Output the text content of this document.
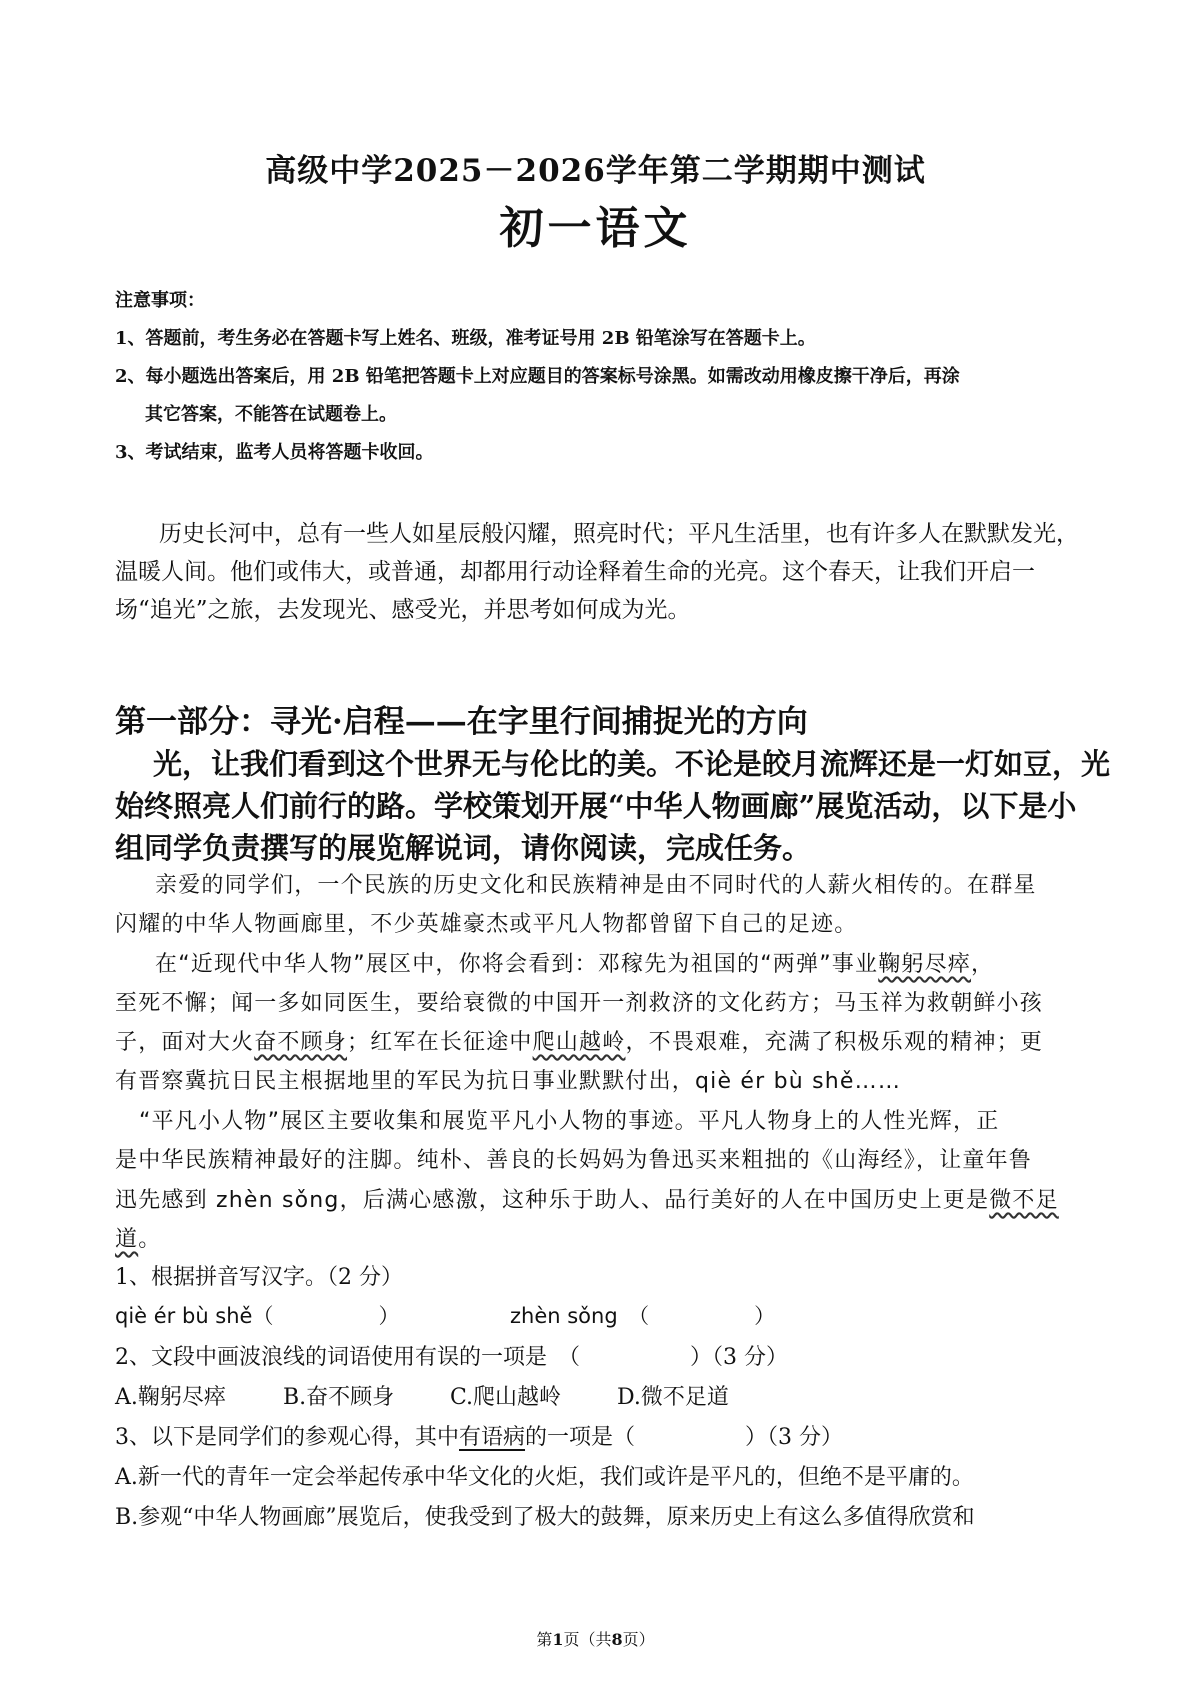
高级中学2025－2026学年第二学期期中测试
初一语文
注意事项：
1、答题前，考生务必在答题卡写上姓名、班级，准考证号用 2B 铅笔涂写在答题卡上。
2、每小题选出答案后，用 2B 铅笔把答题卡上对应题目的答案标号涂黑。如需改动用橡皮擦干净后，再涂
其它答案，不能答在试题卷上。
3、考试结束，监考人员将答题卡收回。
历史长河中，总有一些人如星辰般闪耀，照亮时代；平凡生活里，也有许多人在默默发光，
温暖人间。他们或伟大，或普通，却都用行动诠释着生命的光亮。这个春天，让我们开启一
场“追光”之旅，去发现光、感受光，并思考如何成为光。
第一部分：寻光·启程——在字里行间捕捉光的方向
光，让我们看到这个世界无与伦比的美。不论是皎月流辉还是一灯如豆，光
始终照亮人们前行的路。学校策划开展“中华人物画廊”展览活动，以下是小
组同学负责撰写的展览解说词，请你阅读，完成任务。
亲爱的同学们，一个民族的历史文化和民族精神是由不同时代的人薪火相传的。在群星
闪耀的中华人物画廊里，不少英雄豪杰或平凡人物都曾留下自己的足迹。
在“近现代中华人物”展区中，你将会看到：邓稼先为祖国的“两弹”事业鞠躬尽瘁，
至死不懈；闻一多如同医生，要给衰微的中国开一剂救济的文化药方；马玉祥为救朝鲜小孩
子，面对大火奋不顾身；红军在长征途中爬山越岭，不畏艰难，充满了积极乐观的精神；更
有晋察冀抗日民主根据地里的军民为抗日事业默默付出，qiè ér bù shě……
“平凡小人物”展区主要收集和展览平凡小人物的事迹。平凡人物身上的人性光辉，正
是中华民族精神最好的注脚。纯朴、善良的长妈妈为鲁迅买来粗拙的《山海经》，让童年鲁
迅先感到 zhèn sǒng，后满心感激，这种乐于助人、品行美好的人在中国历史上更是微不足
道。
1、根据拼音写汉字。（2 分）
qiè ér bù shě（　　　　　）	zhèn sǒng　（　　　　　）
2、文段中画波浪线的词语使用有误的一项是　（　　　　　）（3 分）
A.鞠躬尽瘁	B.奋不顾身	C.爬山越岭	D.微不足道
3、以下是同学们的参观心得，其中有语病的一项是（　　　　　）（3 分）
A.新一代的青年一定会举起传承中华文化的火炬，我们或许是平凡的，但绝不是平庸的。
B.参观“中华人物画廊”展览后，使我受到了极大的鼓舞，原来历史上有这么多值得欣赏和
第1页（共8页）
